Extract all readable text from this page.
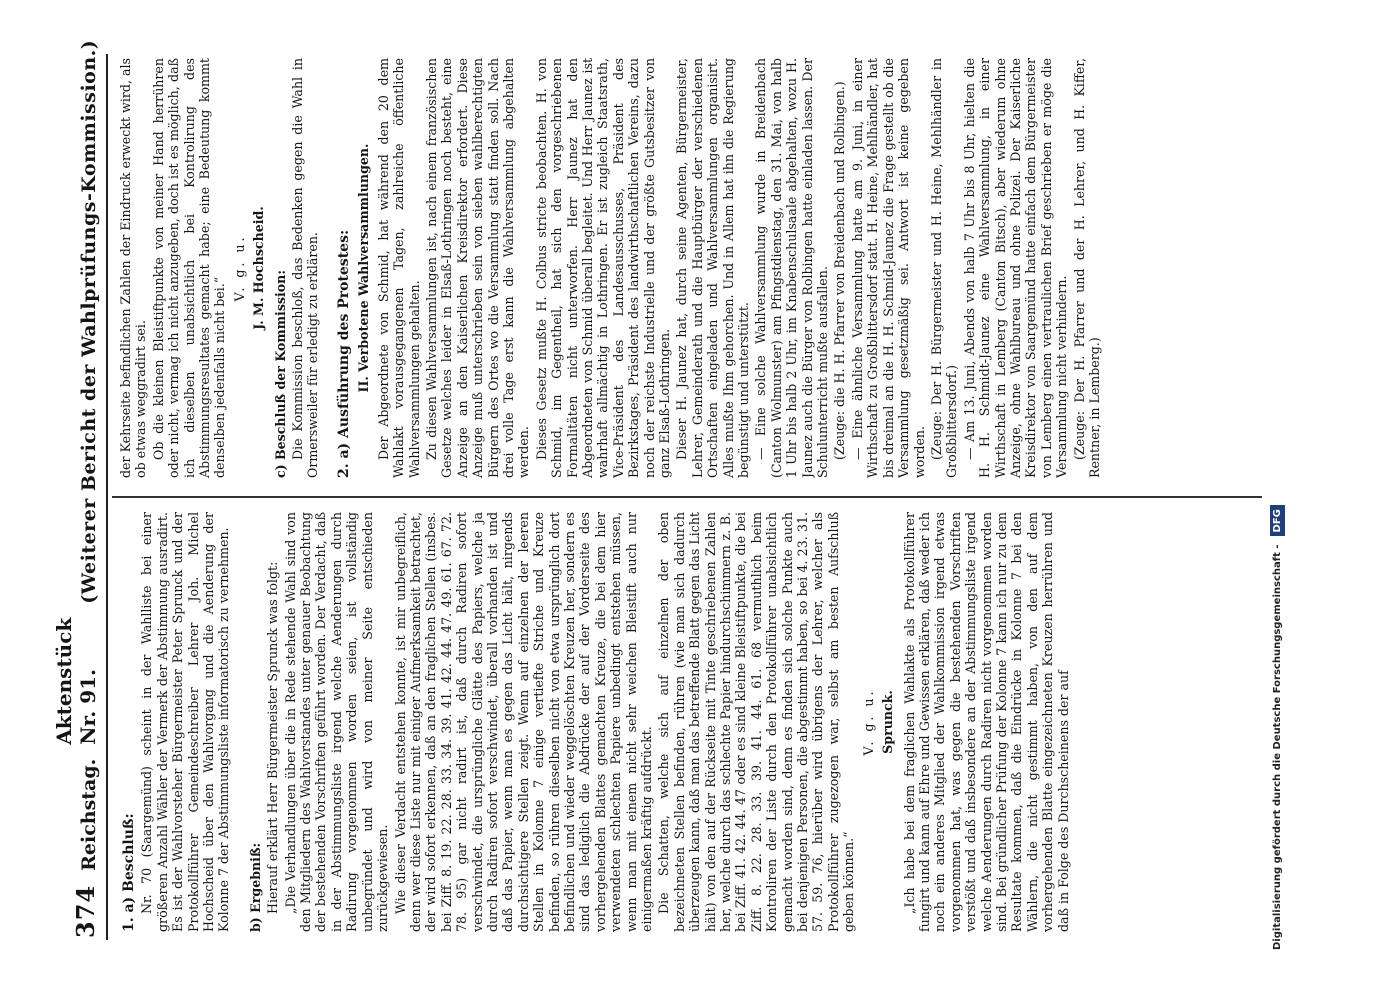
374
Reichstag.
Aktenstück Nr. 91.
(Weiterer Bericht der Wahlprüfungs-Kommission.)

1. a) Beschluß: Nr. 70 (Saargemünd) scheint in der Wahlliste bei einer größeren Anzahl Wähler der Vermerk der Abstimmung ausradirt. Es ist der Wahlvorsteher Bürgermeister Peter Sprunck und der Protokollführer Gemeindeschreiber Lehrer Joh. Michel Hochscheid über den Wahlvorgang und die Aenderung der Kolonne 7 der Abstimmungsliste informatorisch zu vernehmen. b) Ergebniß: Hierauf erklärt Herr Bürgermeister Sprunck was folgt: „Die Verhandlungen über die in Rede stehende Wahl sind von den Mitgliedern des Wahlvorstandes unter genauer Beobachtung der bestehenden Vorschriften geführt worden. Der Verdacht, daß in der Abstimmungsliste irgend welche Aenderungen durch Radirung vorgenommen worden seien, ist vollständig unbegründet und wird von meiner Seite entschieden zurückgewiesen. Wie dieser Verdacht entstehen konnte, ist mir unbegreiflich, denn wer diese Liste nur mit einiger Aufmerksamkeit betrachtet, der wird sofort erkennen, daß an den fraglichen Stellen (insbes. bei Ziff. 8. 19. 22. 28. 33. 34. 39. 41. 42. 44. 47. 49. 61. 67. 72. 78. 95) gar nicht radirt ist, daß durch Radiren sofort verschwindet, die ursprüngliche Glätte des Papiers, welche ja durch Radiren sofort verschwindet, überall vorhanden ist und daß das Papier, wenn man es gegen das Licht hält, nirgends durchsichtigere Stellen zeigt. Wenn auf einzelnen der leeren Stellen in Kolonne 7 einige vertiefte Striche und Kreuze befinden, so rühren dieselben nicht von etwa ursprünglich dort befindlichen und wieder weggelöschten Kreuzen her, sondern es sind das lediglich die Abdrücke der auf der Vorderseite des vorhergehenden Blattes gemachten Kreuze, die bei dem hier verwendeten schlechten Papiere unbedingt entstehen müssen, wenn man mit einem nicht sehr weichen Bleistift auch nur einigermaßen kräftig aufdrückt. Die Schatten, welche sich auf einzelnen der oben bezeichneten Stellen befinden, rühren (wie man sich dadurch überzeugen kann, daß man das betreffende Blatt gegen das Licht hält) von den auf der Rückseite mit Tinte geschriebenen Zahlen her, welche durch das schlechte Papier hindurchschimmern z. B. bei Ziff. 41. 42. 44. 47 oder es sind kleine Bleistiftpunkte, die bei Ziff. 8. 22. 28. 33. 39. 41. 44. 61. 68 vermuthlich beim Kontroliren der Liste durch den Protokollführer unabsichtlich gemacht worden sind, denn es finden sich solche Punkte auch bei denjenigen Personen, die abgestimmt haben, so bei 4. 23. 31. 57. 59. 76, hierüber wird übrigens der Lehrer, welcher als Protokollführer zugezogen war, selbst am besten Aufschluß geben können.“

V. g. u. Sprunck. „Ich habe bei dem fraglichen Wahlakte als Protokollführer fungirt und kann auf Ehre und Gewissen erklären, daß weder ich noch ein anderes Mitglied der Wahlkommission irgend etwas vorgenommen hat, was gegen die bestehenden Vorschriften verstößt und daß insbesondere an der Abstimmungsliste irgend welche Aenderungen durch Radiren nicht vorgenommen worden sind. Bei gründlicher Prüfung der Kolonne 7 kann ich nur zu dem Resultate kommen, daß die Eindrücke in Kolonne 7 bei den Wählern, die nicht gestimmt haben, von den auf dem vorhergehenden Blatte eingezeichneten Kreuzen herrühren und daß in Folge des Durchscheinens der auf

der Kehrseite befindlichen Zahlen der Eindruck erweckt wird, als ob etwas weggradirt sei. Ob die kleinen Bleistiftpunkte von meiner Hand herrühren oder nicht, vermag ich nicht anzugeben, doch ist es möglich, daß ich dieselben unabsichtlich bei Kontrolirung des Abstimmungsresultates gemacht habe; eine Bedeutung kommt denselben jedenfalls nicht bei.“

V. g. u. J. M. Hochscheid.

c) Beschluß der Kommission: Die Kommission beschloß, das Bedenken gegen die Wahl in Ormersweiler für erledigt zu erklären. 2. a) Ausführung des Protestes: II. Verbotene Wahlversammlungen. Der Abgeordnete von Schmid, hat während den 20 dem Wahlakt vorausgegangenen Tagen, zahlreiche öffentliche Wahlversammlungen gehalten. Zu diesen Wahlversammlungen ist, nach einem französischen Gesetze welches leider in Elsaß-Lothringen noch besteht, eine Anzeige an den Kaiserlichen Kreisdirektor erfordert. Diese Anzeige muß unterschrieben sein von sieben wahlberechtigten Bürgern des Ortes wo die Versammlung statt finden soll. Nach drei volle Tage erst kann die Wahlversammlung abgehalten werden. Dieses Gesetz mußte H. Colbus stricte beobachten. H. von Schmid, im Gegentheil, hat sich den vorgeschriebenen Formalitäten nicht unterworfen. Herr Jaunez hat den Abgeordneten von Schmid überall begleitet. Und Herr Jaunez ist wahrhaft allmächtig in Lothringen. Er ist zugleich Staatsrath, Vice-Präsident des Landesausschusses, Präsident des Bezirkstages, Präsident des landwirthschaftlichen Vereins, dazu noch der reichste Industrielle und der größte Gutsbesitzer von ganz Elsaß-Lothringen. Dieser H. Jaunez hat, durch seine Agenten, Bürgermeister, Lehrer, Gemeinderath und die Hauptbürger der verschiedenen Ortschaften eingeladen und Wahlversammlungen organisirt. Alles mußte Ihm gehorchen. Und in Allem hat ihn die Regierung begünstigt und unterstützt. — Eine solche Wahlversammlung wurde in Breidenbach (Canton Wolmunster) am Pfingstdienstag, den 31. Mai, von halb 1 Uhr bis halb 2 Uhr, im Knabenschulsaale abgehalten, wozu H. Jaunez auch die Bürger von Rolbingen hatte einladen lassen. Der Schulunterricht mußte ausfallen. (Zeuge: die H. H. Pfarrer von Breidenbach und Rolbingen.) — Eine ähnliche Versammlung hatte am 9. Juni, in einer Wirthschaft zu Großblittersdorf statt. H. Heine, Mehlhändler, hat bis dreimal an die H. H. Schmid-Jaunez die Frage gestellt ob die Versammlung gesetzmäßig sei. Antwort ist keine gegeben worden. (Zeuge: Der H. Bürgermeister und H. Heine, Mehlhändler in Großblittersdorf.) — Am 13. Juni, Abends von halb 7 Uhr bis 8 Uhr, hielten die H. H. Schmidt-Jaunez eine Wahlversammlung, in einer Wirthschaft in Lemberg (Canton Bitsch), aber wiederum ohne Anzeige, ohne Wahlbureau und ohne Polizei. Der Kaiserliche Kreisdirektor von Saargemünd hatte einfach dem Bürgermeister von Lemberg einen vertraulichen Brief geschrieben er möge die Versammlung nicht verhindern. (Zeuge: Der H. Pfarrer und der H. Lehrer, und H. Kiffer, Rentner, in Lemberg.)

Digitalisierung gefördert durch die Deutsche Forschungsgemeinschaft -
DFG
